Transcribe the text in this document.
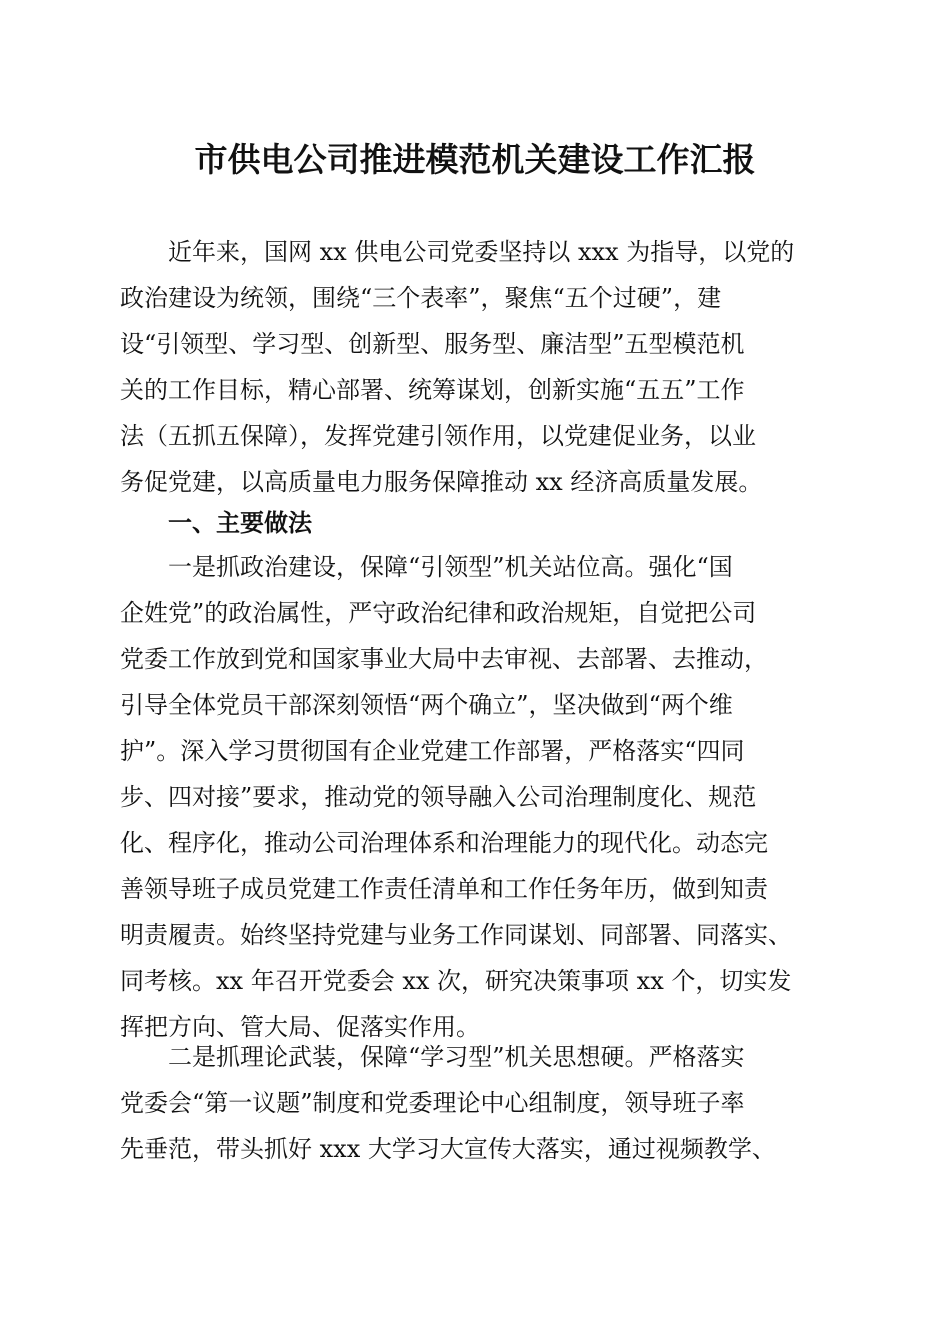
市供电公司推进模范机关建设工作汇报
近年来，国网 xx 供电公司党委坚持以 xxx 为指导，以党的
政治建设为统领，围绕“三个表率”，聚焦“五个过硬”，建
设“引领型、学习型、创新型、服务型、廉洁型”五型模范机
关的工作目标，精心部署、统筹谋划，创新实施“五五”工作
法（五抓五保障），发挥党建引领作用，以党建促业务，以业
务促党建，以高质量电力服务保障推动 xx 经济高质量发展。
一、主要做法
一是抓政治建设，保障“引领型”机关站位高。强化“国
企姓党”的政治属性，严守政治纪律和政治规矩，自觉把公司
党委工作放到党和国家事业大局中去审视、去部署、去推动，
引导全体党员干部深刻领悟“两个确立”，坚决做到“两个维
护”。深入学习贯彻国有企业党建工作部署，严格落实“四同
步、四对接”要求，推动党的领导融入公司治理制度化、规范
化、程序化，推动公司治理体系和治理能力的现代化。动态完
善领导班子成员党建工作责任清单和工作任务年历，做到知责
明责履责。始终坚持党建与业务工作同谋划、同部署、同落实、
同考核。xx 年召开党委会 xx 次，研究决策事项 xx 个，切实发
挥把方向、管大局、促落实作用。
二是抓理论武装，保障“学习型”机关思想硬。严格落实
党委会“第一议题”制度和党委理论中心组制度，领导班子率
先垂范，带头抓好 xxx 大学习大宣传大落实，通过视频教学、
